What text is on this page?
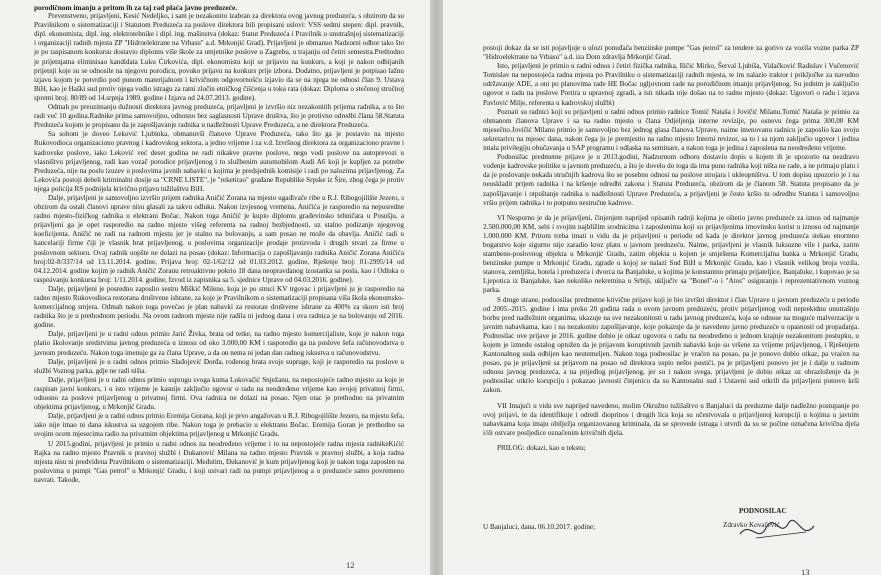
porodičnom imanju a pritom ih za taj rad plaća javno preduzeće.

Prevenstveno, prijavljeni, Kesić Nedeljko, i sam je nezakonito izabran za direktora ovog javnog preduzeća, s obzirom da su Pravilnikom o sistematizaciji i Statutom Preduzeća za poslove direktora bili propisani uslovi: VSS sedmi stepen: dipl. pravnik, dipl. ekonomista, dipl. ing. elektrotehnike i dipl. ing. mašinstva (dokaz: Statut Preduzeća i Pravilnik o unutrašnjoj sistematizaciji i organizaciji radnih mjesta ZP "Hidroelektrane na Vrbasu" a.d. Mrkonjić Grad). Prijavljeni je obmanuo Nadzorni odbor tako što je po raspisanom konkursu dostavio diplomu više škole za umjetnike poslove u Zagrebu, u trajanju od četiri semestra.Prethodno je prijetnjama eliminisao kandidata Luku Ćirkovića, dipl. ekonomistu koji se prijavio na konkurs, a koji je nakon odbijanih prijetnji koje su se odnosile na njegovu porodicu, povuko prijavu na konkurs prije izbora. Dodatno, prijavljeni je potpisao lažnu izjavu kojom je potvrdio pod punom materijalnom i krivičnom odgovornošću izjavio da se na njega ne odnosi član 9. Ustava BiH, kao je Haški sud protiv njega vodio istragu za ratni zločin etničkog čišćenja u toku rata (dokaz: Diploma o stečenoj stručnoj spremi broj: 80/89 od 14.srpnja 1989. godine i Izjava od 24.07.2013. godine).

Odmah po preuzimanju dužnosti direktora javnog preduzeća, prijavljeni je izvršio niz nezakonitih prijema radnika, a to što radi već 10 godina.Radnike prima samovoljno, odnosno bez saglasnosti Uprave društva, što je protivno odredbi člana 58.Statuta Preduzeća kojom je propisano da je zapošljavanje radnika u nadležnosti Uprave Preduzeća, a ne direktora Preduzeća.

Sa sobom je doveo Leković Ljubinka, obmanuvši članove Uprave Preduzeća, tako što ga je postavio na mjesto Rukovodioca organizaciono pravnog i kadrovskog sektora, a jedno vrijeme i za v.d. Izvršnog direktora za organizaciono pravne i kadrovske poslove, iako Leković već deset godina ne radi nikakve pravne poslove, nego vodi poslove na autoprevozi u vlasništvu prijavljenog, radi kao vozač porodice prijavljenog i to službenim automobilom Audi A6 koji je kupljen za potrebe Preduzeća, nije na poslu izuzev u poslovima javnih nabavki u kojima je predsjednik komisije i radi po nalozima prijavljenog. Za Lekovića postoji debeli kriminalni dosije sa "CRNE LISTE", je "reketirao" građane Republike Srpske iz Šire, zbog čega je protiv njega policija RS podnijela krivičnu prijavu tužilaštvu BiH.

Dalje, prijavljeni je samovoljno izvršio prijem radnika Aničić Zorana na mjesto ugađivače ribe u R.J. Ribogojilište Jezero, s obzirom da ostali članovi uprave nisu glasali za takvu odluku. Nakon izvjesnog vremena, Aničića je rasporedio na neposredne radno mjesto-fizičkog radnika u elektrani Bočac. Nakon toga Aničić je kupio diplomu građevinsko tehničara u Posušju, a prijavljeni ga je opet rasporedio na radno mjesto višeg referenta na radnoj bezbjednosti, uz stalno podizanje njegovog koeficijenta. Aničić ne radi na radnom mjestu jer je stalno na bolovanju, a sam posao ne može da obavlja. Aničić radi u kancelariji firme čiji je vlasnik brat prijavljenog, u poslovima organizacije prodaje proizvoda i drugih stvari za firme u poslovnom sektoru. Ovaj radnik uopšte ne dolazi na posao (dokaz: Informacija o zapošljavanju radnika Aničić Zorana Aničića broj:02-8/337/14 od 13.11.2014. godine, Prijava broj: 02-1/62/12 od 01.03.2012. godine, Rješenje broj: 01-2995/14 od 04.12.2014. godine kojim je radnik Aničić Zoranu retroaktivno pokrio 18 dana neopravdanog izostanka sa posla, kao i Odluka o raspisivanju konkursa broj: 1/11.2014. godine, Izvod iz zapisnika sa 5. sjednice Uprave od 04.03.2016. godine).

Dalje, prijavljeni je posredno zaposlio sestru Miškić Milene, koja je po struci KV trgovac i prijavljeni ju je rasporedio na radno mjesto Rukovodioca restorana društvene ishrane, za koje je Pravilnikom o sistematizaciji propisana viša škola ekonomsko-komercijalnog smjera. Odmah nakon toga povećao je plan nabavki za restoran društvene ishrane za 400% za skoro isti broj radnika što je u prethodnom periodu. Na ovom radnom mjestu nije radila ni jednog dana i ova radnica je na bolovanju od 2016. godine.

Dalje, prijavljeni je u radni odnos primio Jarić Živka, brata od tetke, na radno mjesto komercijaliste, koje je nakon toga platio školovanje sredstvima javnog preduzeća u iznosu od oko 3.000,00 KM i rasporedio ga na poslove šefa računovodstva u javnom preduzeću. Nakon toga imenuje ga za člana Uprave, a da on nema ni jedan dan radnog iskustva u računovodstvu.

Dalje, prijavljeni je u radni odnos primio Slađojević Đorđa, rođenog brata svoje supruge, koji je rasporedio na poslove u službi Voznog parka, gdje ne radi ništa.

Dalje, prijavljeni je u radni odnos primio suprugu svoga kuma Lukovačić Snježanu, na nepostojeće radno mjesto za koje je raspisan javni konkurs, i u isto vrijeme je kasnije zaključio ugovor o radu na neodređeno vrijeme kao svojoj privatnoj firmi, odnosno za poslove prijavljenog u privatnoj firmi. Ova radnica ne dolazi na posao. Njen otac je prethodno na privatnim objektima prijavljenog, u Mrkonjić Gradu.

Dalje, prijavljeni je u radni odnos primio Eremija Gorana, koji je prvo angažovan u R.J. Ribogojilište Jezero, na mjestu šefa, iako nije imao ni dana iskustva sa uzgojem ribe. Nakon toga je prebacio u elektranu Bočac. Eremija Goran je prethodno sa svojim ocem mjesecima radio na privatnim objektima prijavljenog u Mrkonjić Gradu.

U 2015.godini, prijavljeni je primio u radni odnos na neodređeno vrijeme i to na nepostojeće radna mjesta radnikeKićić Rajka na radno mjesto Pravnik u pravnoj službi i Đukanović Milana na radno mjesto Pravnik u pravnoj službi, a koja radna mjesta nisu ni predviđena Pravilnikom o sistematizaciji. Međutim, Đukanović je kum prijavljenog koji je nakon toga zaposlen na poslovima u pumpi "Gas petrol" u Mrkonjić Gradu, i koji ustvari radi na pumpi prijavljenog a u preduzeće samo povremeno navrati. Takođe,

12

postoji dokaz da se isti pojavljuje u ulozi ponuđača benzinske pumpe "Gas petrol" za tendere za gorivo za vozila vozne parka ZP "Hidroelektrane na Vrbasu" a.d. iza Dom zdravlja Mrkonjić Grad.

Isto, prijavljeni je primio u radni odnos i četiri fizička radnika, Iličić Mirko, Šerval Ljubiša, Vidačković Radislav i Vučenović Tomislav na nepostojeća radna mjesta po Pravilniku o sistematizaciji radnih mjesta, te im nalazio traktor i prikljočke za navodno održavanje ADE, a oni po planovima rade HE Bočac ugljovnom rade na porodičnom imanju prijavljenog. Su jednim je zaključio ugovor o radu na poslove Portira u upravnoj zgradi, a isti nikada nije došao na to radno mjesto (dokaz: Ugovori o radu i izjava Pavlović Milje, referenta u kadrovskoj službi)

Poznati su radnici koji su prijavljeni u radni odnos primio radnice Tomić Nataša i Jovičić Milanu.Tomić Nataša je primio za obmanom članova Uprave i sa na radno mjesto u člana Odjeljenja interne revizije, po osnovu čega prima 300,00 KM mjesečno.Jovičić Milanu primio je samovoljno bez jednog glasa članova Uprave, naime imenovanu radnicu je zaposlio kao svoju sekretaricu na mjesec dana, nakon čega ju je premjestio na radno mjesto Interni revizor, sa to i sa njom zaključio ugovor i jedina imala privilegiju obučavanja u SAP programu i odlaska na seminare, a nakon toga je jedina i zaposlena na neodređeno vrijeme.

Podnosilac predmetne prijave je u 2013.godini, Nadzornom odboru dostavio dopis u kojem ih je upozorio na nezdravo vođenje kadrovske politike u javnom preduzeću, a što je dovelo do toga da ima puno radnika koji ništa ne rade, a ne primaju platu i da je poslovanje nekada stručnjih kadrova što se posebno odnosi na poslove strojara i ukleopništva. U tom dopisu upozorio je i na neuskladit prijem radnika i na kršenje odredbi zakona i Statuta Preduzeća, obzirom da je članom 58. Statuta propisano da je zapošljavanje i otpuštanje radnika u nadležnosti Uprave Preduzeća, a prijavljeni je često kršio tu odredbu Statuta i samovoljno vršio prijem radnika i to potpuno nestručne kadrove.

VI Nesporno je da je prijavljeni, činjenjem naprijed opisanih radnji kojima je oštetio javno preduzeće za iznos od najmanje 2.500.000,00 KM, sebi i svojim najbližim srodnicima i zaposlenima koji su prijavljenima imovinsku korist u iznosu od najmanje 1.000.000 KM. Pritom treba imati u vidu da je prijavljeni u periodu od kada je direktor javnog preduzeća stekao enormno bogatstvo koje sigurno nije zaradio kroz platu u javnom preduzeću. Naime, prijavljeni je vlasnik luksuzne vile i parka, zatim stambeno-poslovnog objekta u Mrkonjić Gradu, zatim objekta u kojem je smještena Komercijalna banka u Mrkonjić Gradu, benzinske pumpe u Mrkonjić Gradu, zgrade u kojoj se nalazi Sud BiH u Mrkonjić Gradu, kao i vlasnik velikog broja vozila, stanova, zemljišta, hotela i preduzeća i dvorca na Banjaluke, u kojima je konstantno primaju prijateljice, Banjaluke, i kupovao je sa Ljepotica iz Banjaluke, kao nekoliko nekretnina u Srbiji, uključiv sa "Bonel"-u i "Atos" osiguranju i reprezentativnom voznog parka.

S druge strane, podnosilac predmetne krivične prijave koji je bio izvršni direktor i član Uprave u javnom preduzeću u periodu od 2005.-2015. godine i ima preko 20 godina rada u ovom javnom preduzeću, protiv prijavljenog vodi neprekidnu unutrašnju borbu pred nadležnim organima, ukazuje na sve nezakonitosti u radu javnog preduzeća, koja se odnose na moguće malverzacije u javnim nabavkama, kao i na nezakonito zapošljavanje, koje pokazuje da je navedeno javno preduzeće u opasnosti od propadanja. Podnosilac ove prijave je 2016. godine dobio je otkaz ugovora o radu na neodređeno u jednom krajnje nezakonitom postupku, u kojem je izmedu ostalog optužen da je prijavom koruptivnih javnih nabavki koje su vršene za vrijeme prijavljenog, i Rješenjem Kantonalnog suda odbijen kao neutemeljen. Nakon toga podnosilac je vraćen na posao, pa je ponovo dobio otkaz, pa vraćen na posao, pa je prijavljeni sa prijavom na posao od direktora uspio nešto postići, pa je prijavljeni ponovo jer je i dalje u radnom odnosu javnog preduzeća, a na prijedlog prijavljenog, jer su i nakon svega, prijavljeni je dobio otkaz uz obrazloženje da je podnosilac otkrio korupciju i pokazao javnosti činjenicu da su Kantonalni sud i Ustavni sud otkrili da prijavljeni ponovo krši zakon.

VII Imajući u vidu sve naprijed navedeno, molim Okružno tužilaštvo u Banjaluci da preduzme dalje nadležno postupanje po ovoj prijavi, te da identifikuje i odredi dioprinos i drugih lica koja su učestvovala u prijavljenoj korupciji u kojima u javnim nabavkama koja imaju obilježja organizovanog kriminala, da se sprovede istraga i utvrdi da su se počine označena krivična djela i/ili ostvare posljedice označenim krivičnih djela.

PRILOG: dokazi, kao u tekstu;

U Banjaluci, dana, 06.10.2017. godine;
PODNOSILAC
Zdravko Kovačević
13
